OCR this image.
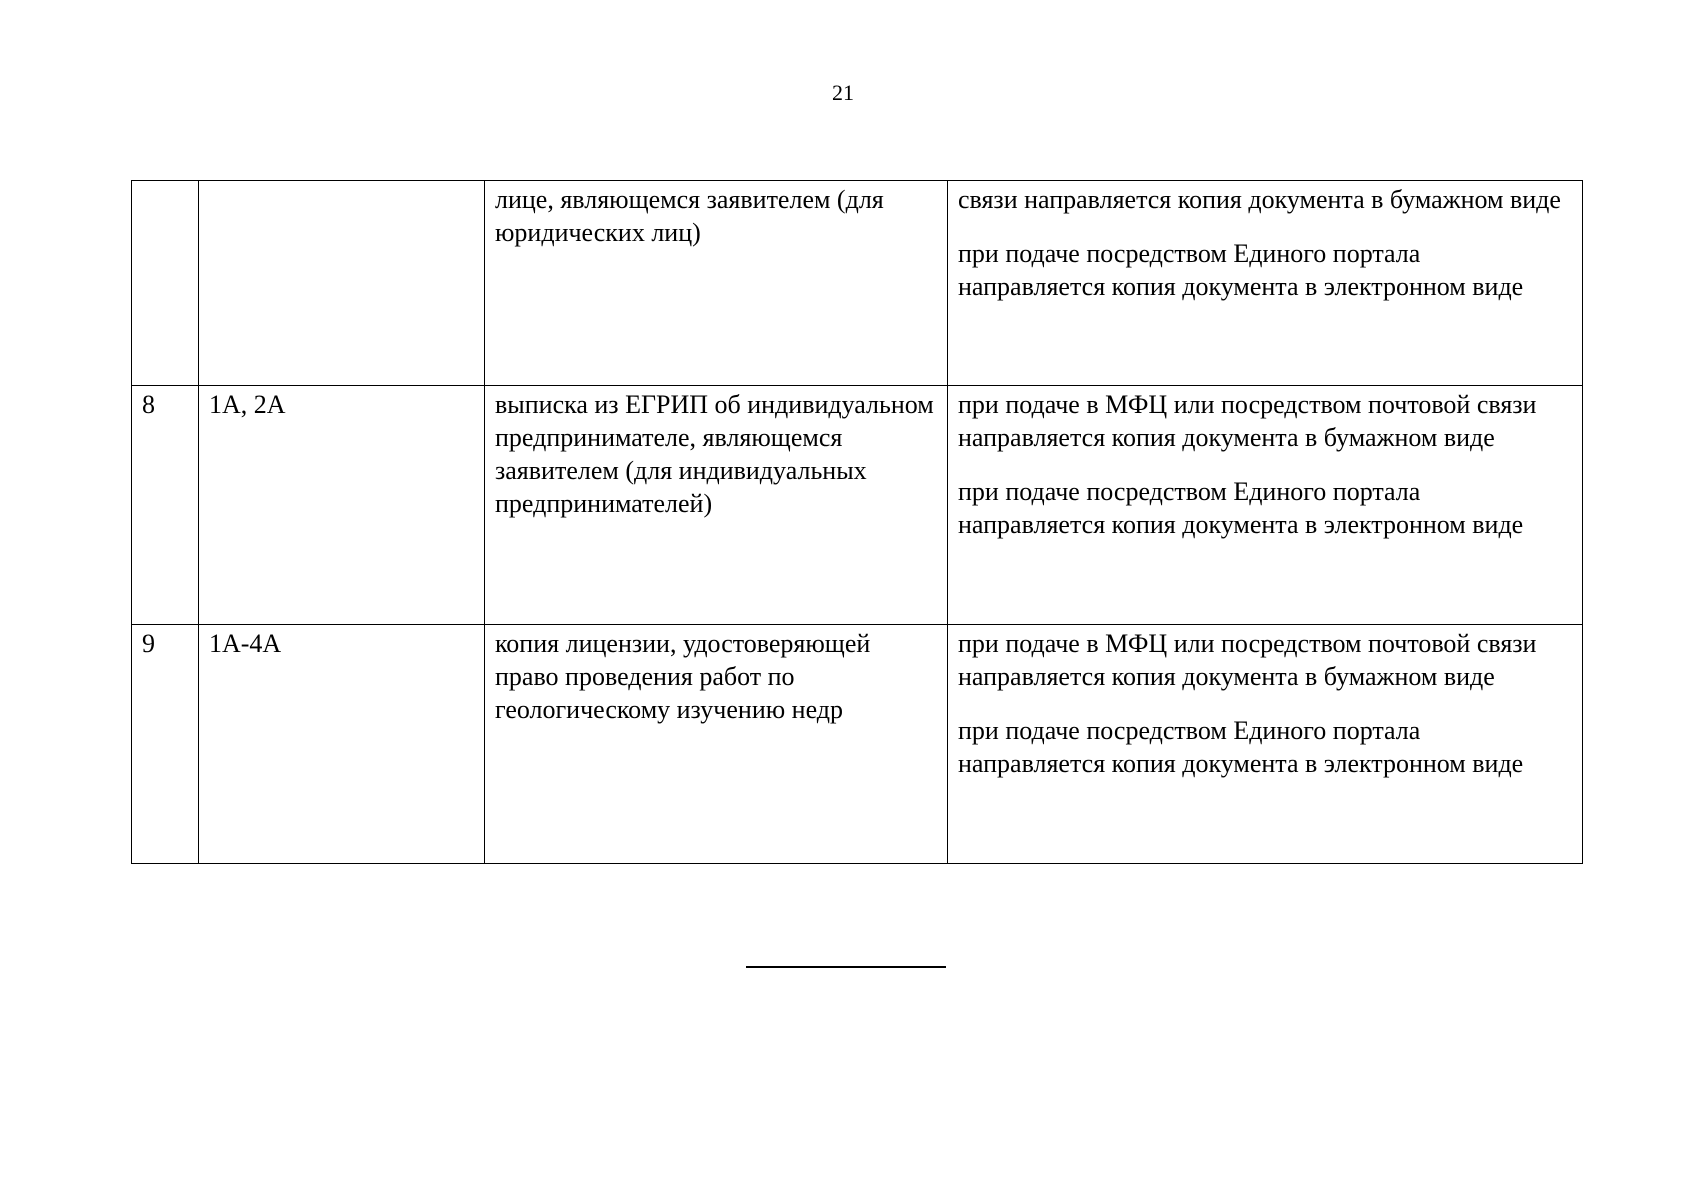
21
		лице, являющемся заявителем (для юридических лиц)	связи направляется копия документа в бумажном виде

при подаче посредством Единого портала направляется копия документа в электронном виде

8	1А, 2А	выписка из ЕГРИП об индивидуальном предпринимателе, являющемся заявителем (для индивидуальных предпринимателей)	при подаче в МФЦ или посредством почтовой связи направляется копия документа в бумажном виде

при подаче посредством Единого портала направляется копия документа в электронном виде

9	1А-4А	копия лицензии, удостоверяющей право проведения работ по геологическому изучению недр	при подаче в МФЦ или посредством почтовой связи направляется копия документа в бумажном виде

при подаче посредством Единого портала направляется копия документа в электронном виде
